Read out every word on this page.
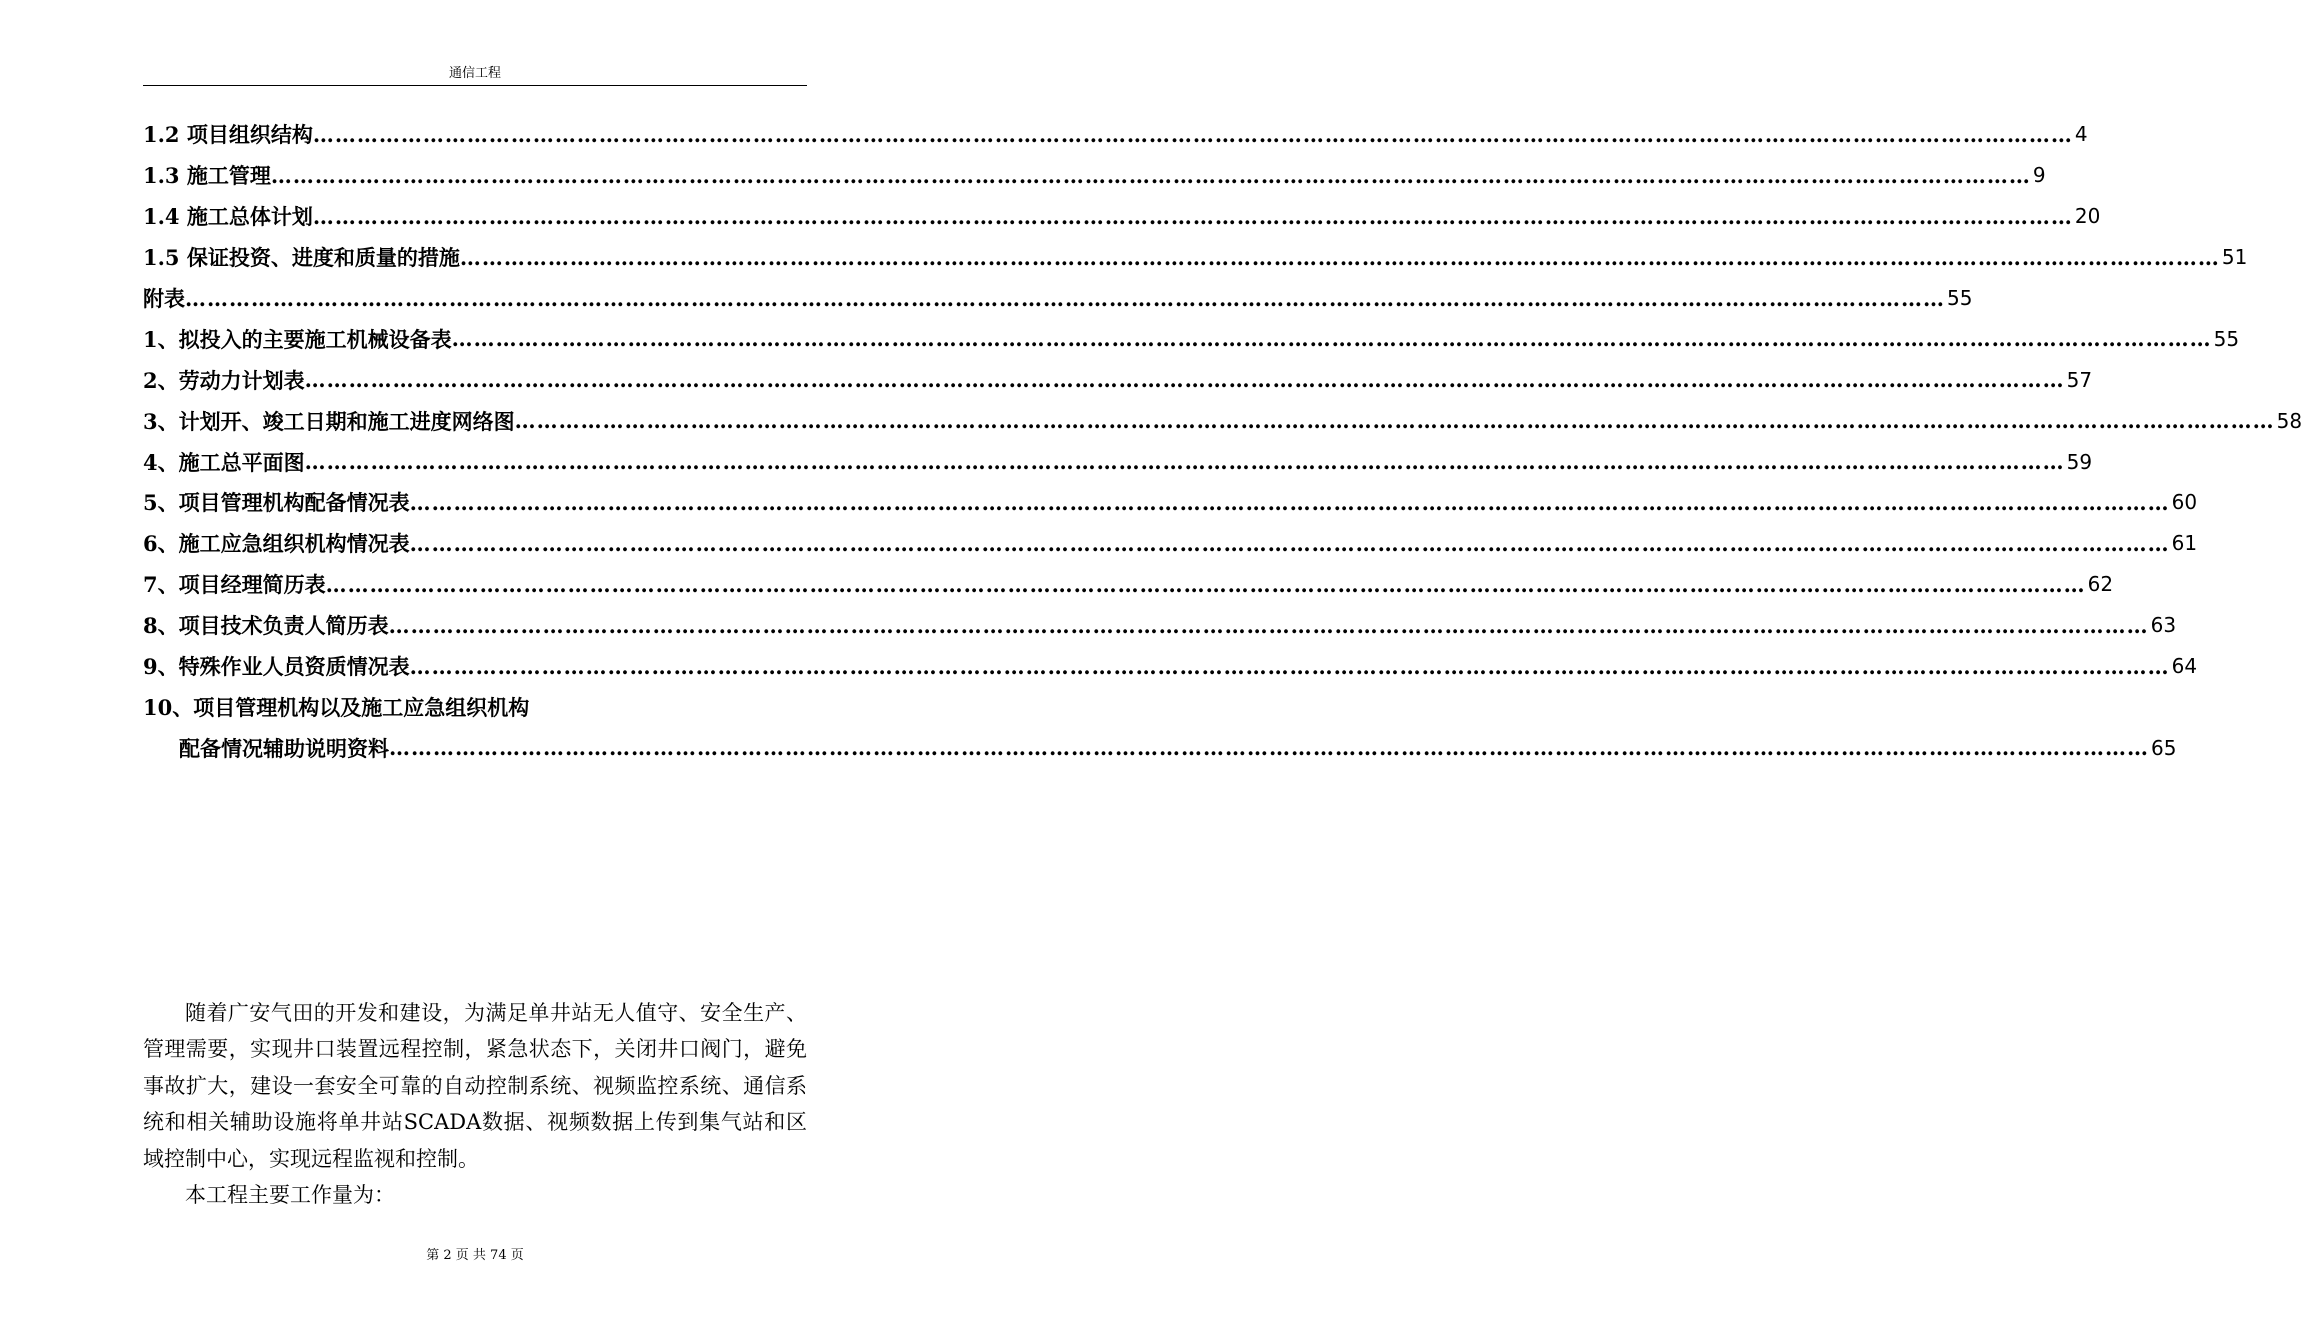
通信工程
1.2 项目组织结构 …………………………………………………………………………………………………………………………………………………………………………………………………………………… 4
1.3 施工管理 …………………………………………………………………………………………………………………………………………………………………………………………………………………… 9
1.4 施工总体计划 …………………………………………………………………………………………………………………………………………………………………………………………………………………… 20
1.5 保证投资、进度和质量的措施 …………………………………………………………………………………………………………………………………………………………………………………………………………………… 51
附表 …………………………………………………………………………………………………………………………………………………………………………………………………………………… 55
1、拟投入的主要施工机械设备表 …………………………………………………………………………………………………………………………………………………………………………………………………………………… 55
2、劳动力计划表 …………………………………………………………………………………………………………………………………………………………………………………………………………………… 57
3、计划开、竣工日期和施工进度网络图 …………………………………………………………………………………………………………………………………………………………………………………………………………………… 58
4、施工总平面图 …………………………………………………………………………………………………………………………………………………………………………………………………………………… 59
5、项目管理机构配备情况表 …………………………………………………………………………………………………………………………………………………………………………………………………………………… 60
6、施工应急组织机构情况表 …………………………………………………………………………………………………………………………………………………………………………………………………………………… 61
7、项目经理简历表 …………………………………………………………………………………………………………………………………………………………………………………………………………………… 62
8、项目技术负责人简历表 …………………………………………………………………………………………………………………………………………………………………………………………………………………… 63
9、特殊作业人员资质情况表 …………………………………………………………………………………………………………………………………………………………………………………………………………………… 64
10、项目管理机构以及施工应急组织机构
配备情况辅助说明资料 …………………………………………………………………………………………………………………………………………………………………………………………………………………… 65

随着广安气田的开发和建设，为满足单井站无人值守、安全生产、管理需要，实现井口装置远程控制，紧急状态下，关闭井口阀门，避免事故扩大，建设一套安全可靠的自动控制系统、视频监控系统、通信系统和相关辅助设施将单井站SCADA数据、视频数据上传到集气站和区域控制中心，实现远程监视和控制。

本工程主要工作量为：

第 2 页 共 74 页
